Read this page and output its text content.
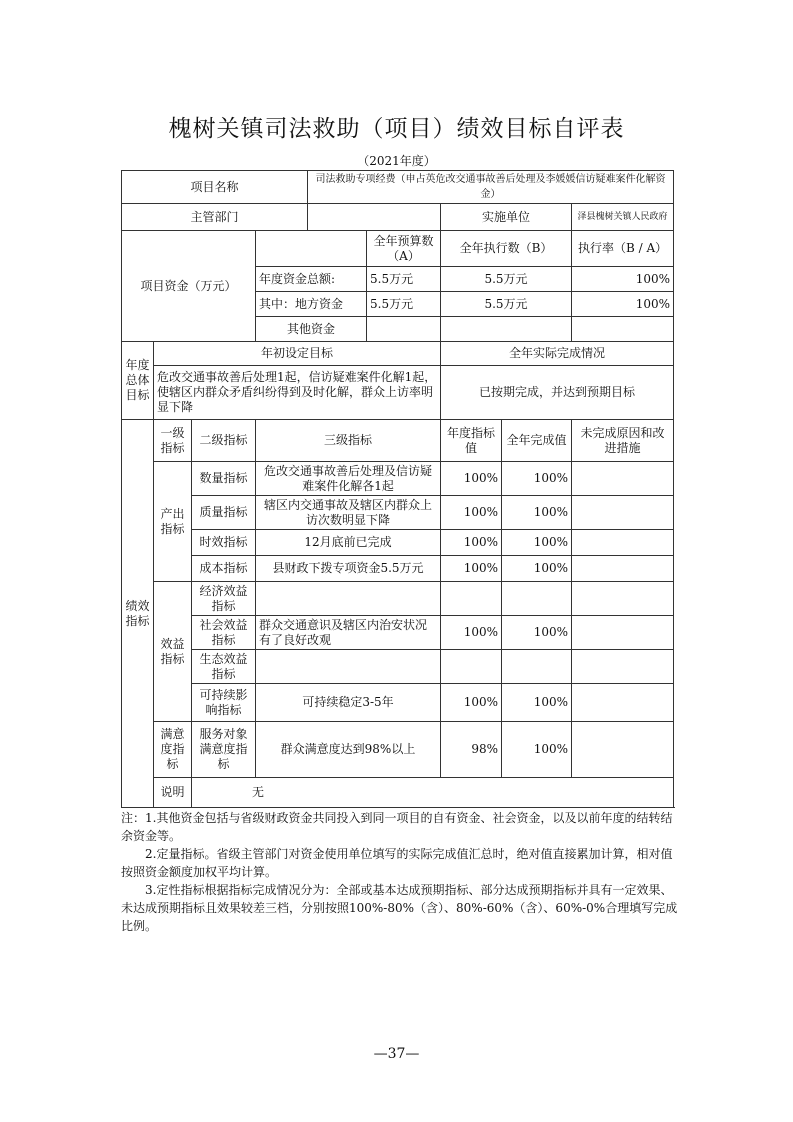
槐树关镇司法救助（项目）绩效目标自评表
（2021年度）
项目名称				司法救助专项经费（申占英危改交通事故善后处理及李媛媛信访疑难案件化解资金）				
主管部门						实施单位		泽县槐树关镇人民政府
项目资金（万元）					全年预算数（A）	全年执行数（B）		执行率（B / A）
			年度资金总额:		5.5万元	5.5万元		100%
			其中：地方资金		5.5万元	5.5万元		100%
			其他资金					
年度总体目标	年初设定目标					全年实际完成情况		
	危改交通事故善后处理1起，信访疑难案件化解1起，使辖区内群众矛盾纠纷得到及时化解，群众上访率明显下降					已按期完成，并达到预期目标		
绩效指标	一级指标	二级指标	三级指标			年度指标值	全年完成值	未完成原因和改进措施
	产出指标	数量指标	危改交通事故善后处理及信访疑难案件化解各1起			100%	100%	
		质量指标	辖区内交通事故及辖区内群众上访次数明显下降			100%	100%	
		时效指标	12月底前已完成			100%	100%	
		成本指标	县财政下拨专项资金5.5万元			100%	100%	
	效益指标	经济效益指标						
		社会效益指标	群众交通意识及辖区内治安状况有了良好改观			100%	100%	
		生态效益指标						
		可持续影响指标	可持续稳定3-5年			100%	100%	
	满意度指标	服务对象满意度指标	群众满意度达到98%以上			98%	100%	
	说明	无						

注：1.其他资金包括与省级财政资金共同投入到同一项目的自有资金、社会资金，以及以前年度的结转结余资金等。

2.定量指标。省级主管部门对资金使用单位填写的实际完成值汇总时，绝对值直接累加计算，相对值按照资金额度加权平均计算。

3.定性指标根据指标完成情况分为：全部或基本达成预期指标、部分达成预期指标并具有一定效果、未达成预期指标且效果较差三档，分别按照100%-80%（含）、80%-60%（含）、60%-0%合理填写完成比例。

—37—
